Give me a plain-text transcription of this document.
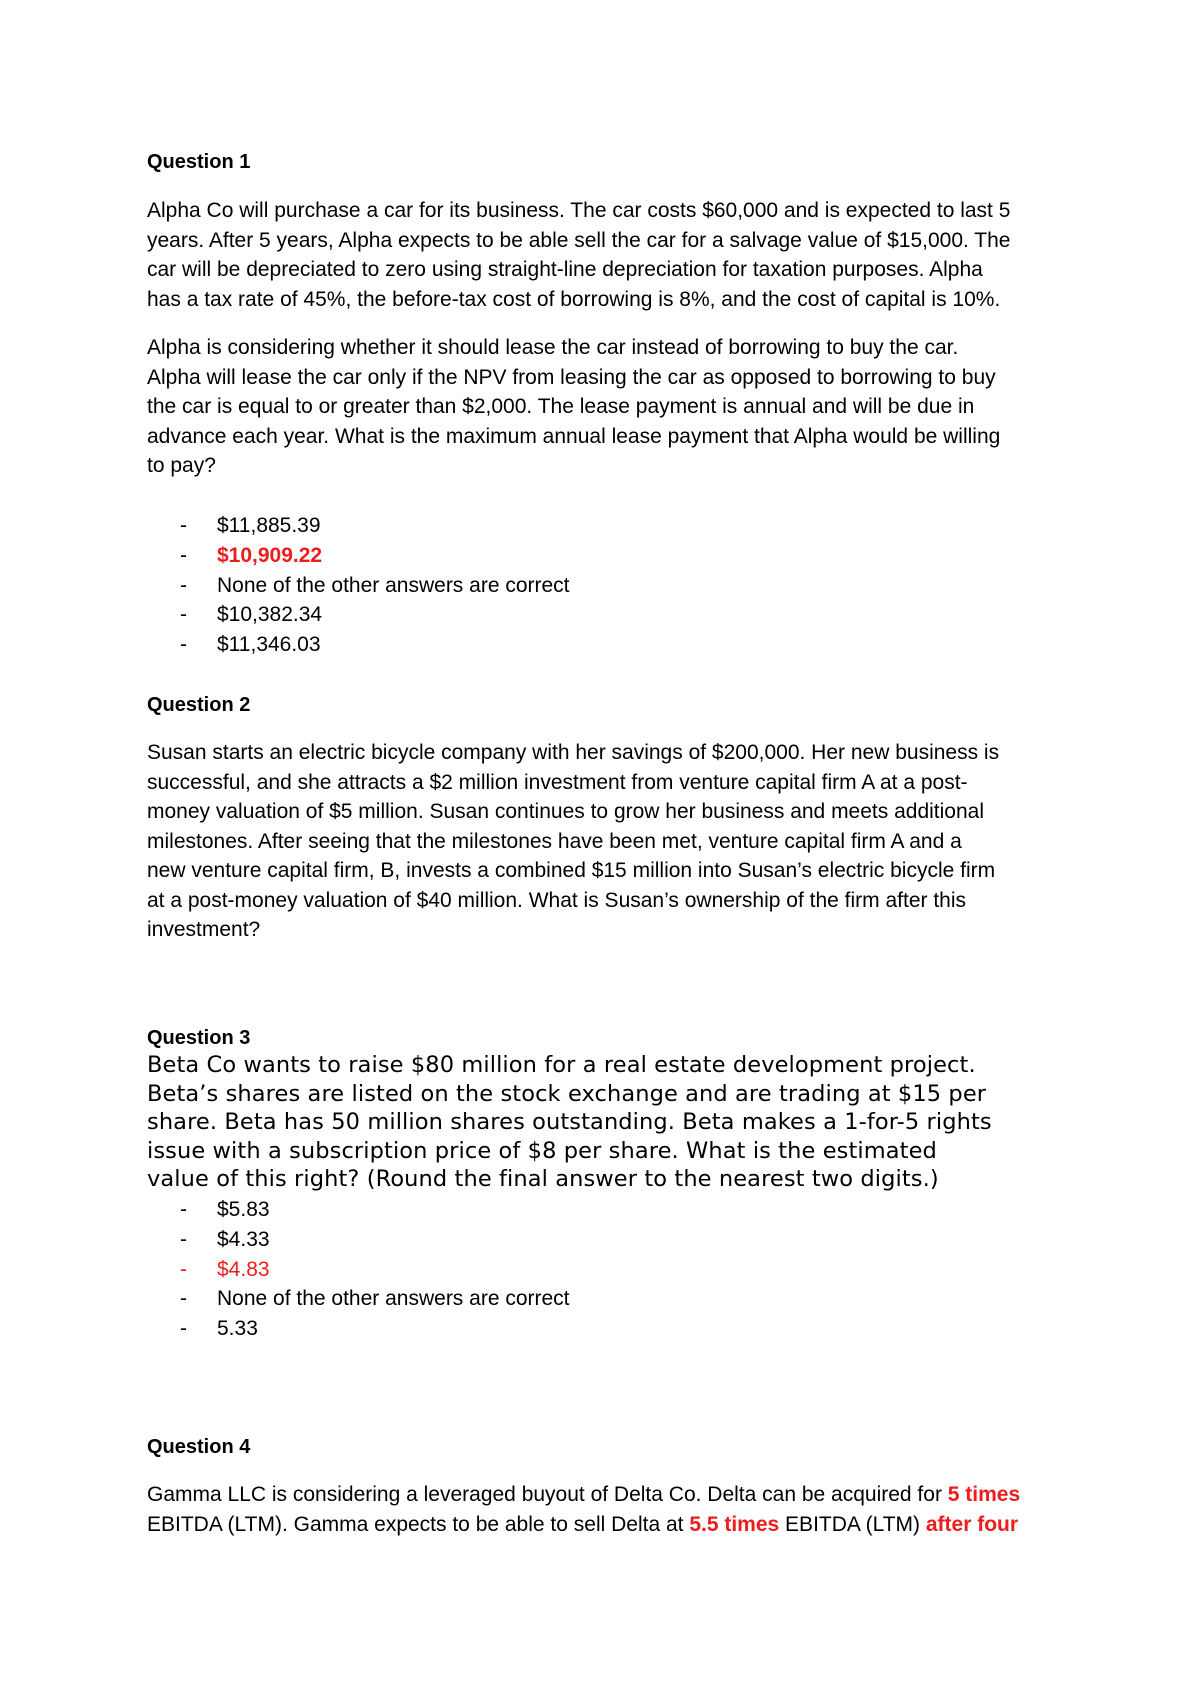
Question 1
Alpha Co will purchase a car for its business. The car costs $60,000 and is expected to last 5
years. After 5 years, Alpha expects to be able sell the car for a salvage value of $15,000. The
car will be depreciated to zero using straight-line depreciation for taxation purposes. Alpha
has a tax rate of 45%, the before-tax cost of borrowing is 8%, and the cost of capital is 10%.
Alpha is considering whether it should lease the car instead of borrowing to buy the car.
Alpha will lease the car only if the NPV from leasing the car as opposed to borrowing to buy
the car is equal to or greater than $2,000. The lease payment is annual and will be due in
advance each year. What is the maximum annual lease payment that Alpha would be willing
to pay?
- $11,885.39
- $10,909.22
- None of the other answers are correct
- $10,382.34
- $11,346.03
Question 2
Susan starts an electric bicycle company with her savings of $200,000. Her new business is
successful, and she attracts a $2 million investment from venture capital firm A at a post-
money valuation of $5 million. Susan continues to grow her business and meets additional
milestones. After seeing that the milestones have been met, venture capital firm A and a
new venture capital firm, B, invests a combined $15 million into Susan’s electric bicycle firm
at a post-money valuation of $40 million. What is Susan’s ownership of the firm after this
investment?
Question 3
Beta Co wants to raise $80 million for a real estate development project.
Beta’s shares are listed on the stock exchange and are trading at $15 per
share. Beta has 50 million shares outstanding. Beta makes a 1-for-5 rights
issue with a subscription price of $8 per share. What is the estimated
value of this right? (Round the final answer to the nearest two digits.)
- $5.83
- $4.33
- $4.83
- None of the other answers are correct
- 5.33
Question 4
Gamma LLC is considering a leveraged buyout of Delta Co. Delta can be acquired for 5 times
EBITDA (LTM). Gamma expects to be able to sell Delta at 5.5 times EBITDA (LTM) after four
